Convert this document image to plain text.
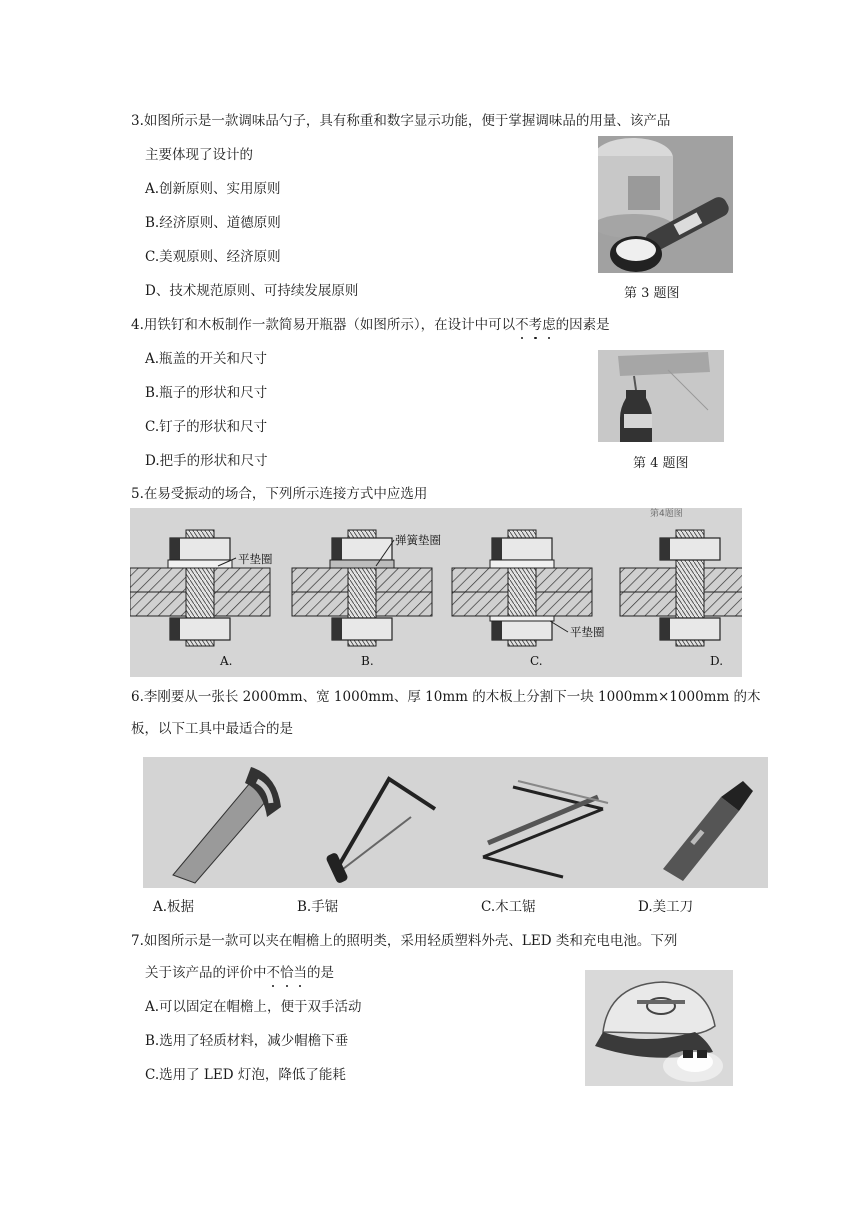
3.如图所示是一款调味品勺子，具有称重和数字显示功能，便于掌握调味品的用量、该产品
主要体现了设计的
A.创新原则、实用原则
B.经济原则、道德原则
C.美观原则、经济原则
D、技术规范原则、可持续发展原则	第 3 题图
4.用铁钉和木板制作一款简易开瓶器（如图所示），在设计中可以不考虑的因素是
A.瓶盖的开关和尺寸
B.瓶子的形状和尺寸
C.钉子的形状和尺寸
D.把手的形状和尺寸	第 4 题图
5.在易受振动的场合，下列所示连接方式中应选用
平垫圈
弹簧垫圈
平垫圈
第4题图
A.	B.	C.	D.
6.李刚要从一张长 2000mm、宽 1000mm、厚 10mm 的木板上分割下一块 1000mm×1000mm 的木
板，以下工具中最适合的是
A.板据	B.手锯	C.木工锯	D.美工刀
7.如图所示是一款可以夹在帽檐上的照明类，采用轻质塑料外壳、LED 类和充电电池。下列
关于该产品的评价中不恰当的是
A.可以固定在帽檐上，便于双手活动
B.选用了轻质材料，减少帽檐下垂
C.选用了 LED 灯泡，降低了能耗
